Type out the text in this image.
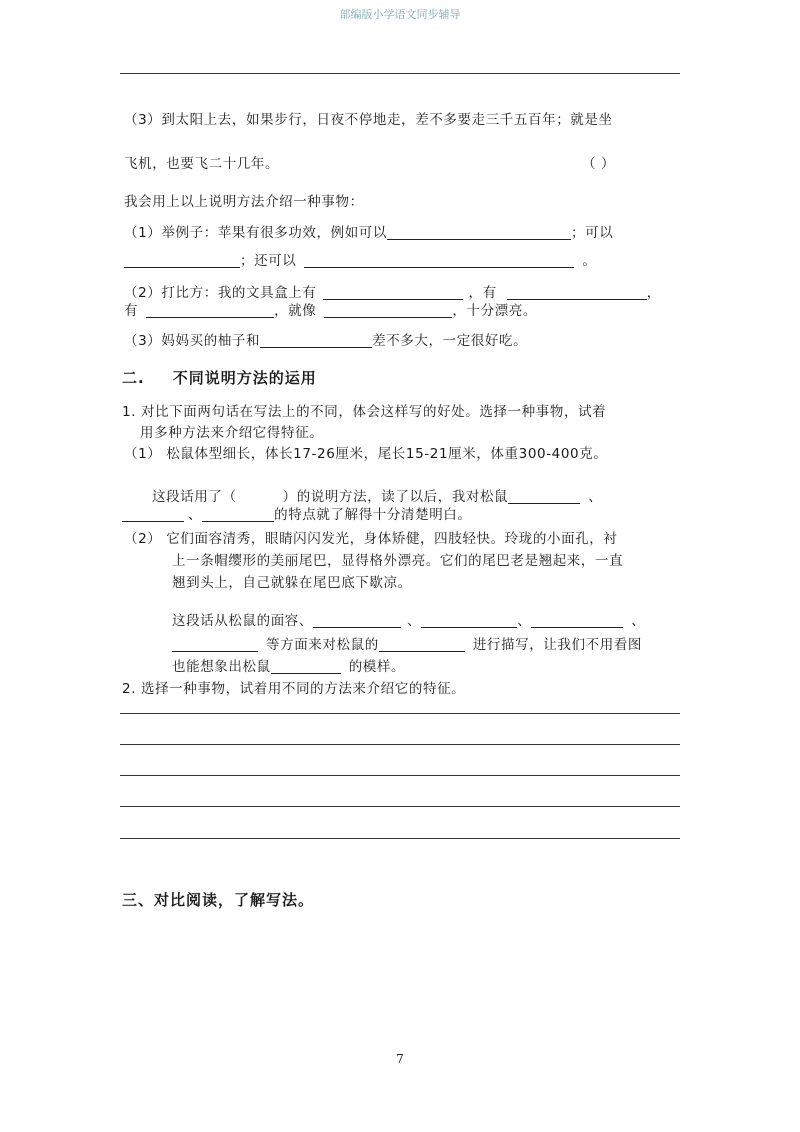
部编版小学语文同步辅导
（3）到太阳上去，如果步行，日夜不停地走，差不多要走三千五百年；就是坐
飞机，也要飞二十几年。	（ ）
我会用上以上说明方法介绍一种事物：
（1）举例子：苹果有很多功效，例如可以	；可以
；还可以	。
（2）打比方：我的文具盒上有	，有	，
有	，就像	，十分漂亮。
（3）妈妈买的柚子和	差不多大，一定很好吃。
二. 不同说明方法的运用
1. 对比下面两句话在写法上的不同，体会这样写的好处。选择一种事物，试着
用多种方法来介绍它得特征。
（1） 松鼠体型细长，体长17-26厘米，尾长15-21厘米，体重300-400克。
这段话用了（	）的说明方法，读了以后，我对松鼠	、
、	的特点就了解得十分清楚明白。
（2） 它们面容清秀，眼睛闪闪发光，身体矫健，四肢轻快。玲珑的小面孔，衬
上一条帽缨形的美丽尾巴，显得格外漂亮。它们的尾巴老是翘起来，一直
翘到头上，自己就躲在尾巴底下歇凉。
这段话从松鼠的面容、	、	、	、
等方面来对松鼠的	进行描写，让我们不用看图
也能想象出松鼠	的模样。
2. 选择一种事物，试着用不同的方法来介绍它的特征。
三、对比阅读，了解写法。
7
